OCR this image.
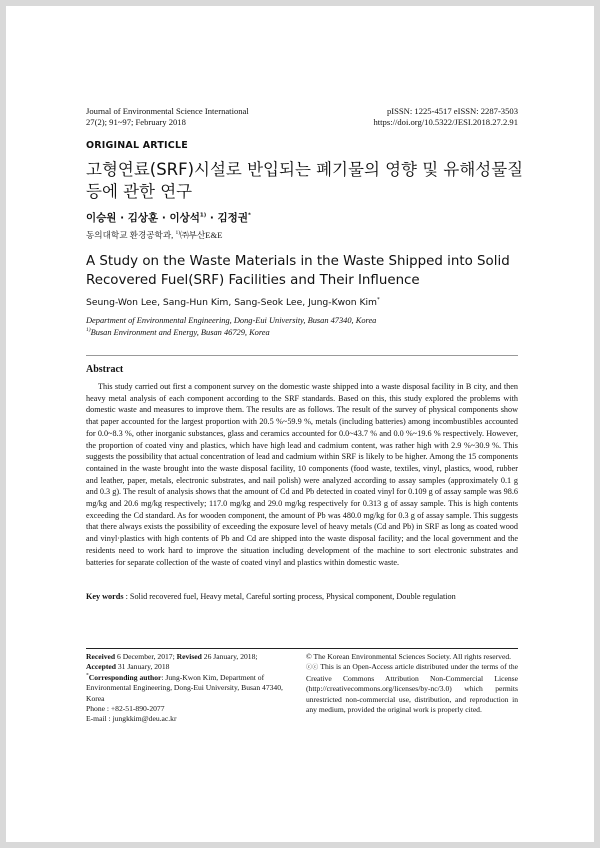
Journal of Environmental Science International
27(2); 91~97; February 2018
pISSN: 1225-4517 eISSN: 2287-3503
https://doi.org/10.5322/JESI.2018.27.2.91
ORIGINAL ARTICLE
고형연료(SRF)시설로 반입되는 폐기물의 영향 및 유해성물질
등에 관한 연구
이승원 · 김상훈 · 이상석$^{1)}$ · 김정권*
동의대학교 환경공학과, $^{1)}$㈜부산E&E
A Study on the Waste Materials in the Waste Shipped into Solid
Recovered Fuel(SRF) Facilities and Their Influence
Seung-Won Lee, Sang-Hun Kim, Sang-Seok Lee, Jung-Kwon Kim*
Department of Environmental Engineering, Dong-Eui University, Busan 47340, Korea
$^{1)}$Busan Environment and Energy, Busan 46729, Korea
Abstract

This study carried out first a component survey on the domestic waste shipped into a waste disposal facility in B city, and then heavy metal analysis of each component according to the SRF standards. Based on this, this study explored the problems with domestic waste and measures to improve them. The results are as follows. The result of the survey of physical components show that paper accounted for the largest proportion with 20.5 %~59.9 %, metals (including batteries) among incombustibles accounted for 0.0~8.3 %, other inorganic substances, glass and ceramics accounted for 0.0~43.7 % and 0.0 %~19.6 % respectively. However, the proportion of coated viny and plastics, which have high lead and cadmium content, was rather high with 2.9 %~30.9 %. This suggests the possibility that actual concentration of lead and cadmium within SRF is likely to be higher. Among the 15 components contained in the waste brought into the waste disposal facility, 10 components (food waste, textiles, vinyl, plastics, wood, rubber and leather, paper, metals, electronic substrates, and nail polish) were analyzed according to assay samples (approximately 0.1 g and 0.3 g). The result of analysis shows that the amount of Cd and Pb detected in coated vinyl for 0.109 g of assay sample was 98.6 mg/kg and 20.6 mg/kg respectively; 117.0 mg/kg and 29.0 mg/kg respectively for 0.313 g of assay sample. This is high contents exceeding the Cd standard. As for wooden component, the amount of Pb was 480.0 mg/kg for 0.3 g of assay sample. This suggests that there always exists the possibility of exceeding the exposure level of heavy metals (Cd and Pb) in SRF as long as coated wood and vinyl·plastics with high contents of Pb and Cd are shipped into the waste disposal facility; and the local government and the residents need to work hard to improve the situation including development of the machine to sort electronic substrates and batteries for separate collection of the waste of coated vinyl and plastics within domestic waste.

Key words : Solid recovered fuel, Heavy metal, Careful sorting process, Physical component, Double regulation
Received 6 December, 2017; Revised 26 January, 2018;
Accepted 31 January, 2018
*Corresponding author: Jung-Kwon Kim, Department of Environmental Engineering, Dong-Eui University, Busan 47340, Korea
Phone : +82-51-890-2077
E-mail : jungkkim@deu.ac.kr
© The Korean Environmental Sciences Society. All rights reserved.
ⓒⓒ This is an Open-Access article distributed under the terms of the Creative Commons Attribution Non-Commercial License (http://creativecommons.org/licenses/by-nc/3.0) which permits unrestricted non-commercial use, distribution, and reproduction in any medium, provided the original work is properly cited.
